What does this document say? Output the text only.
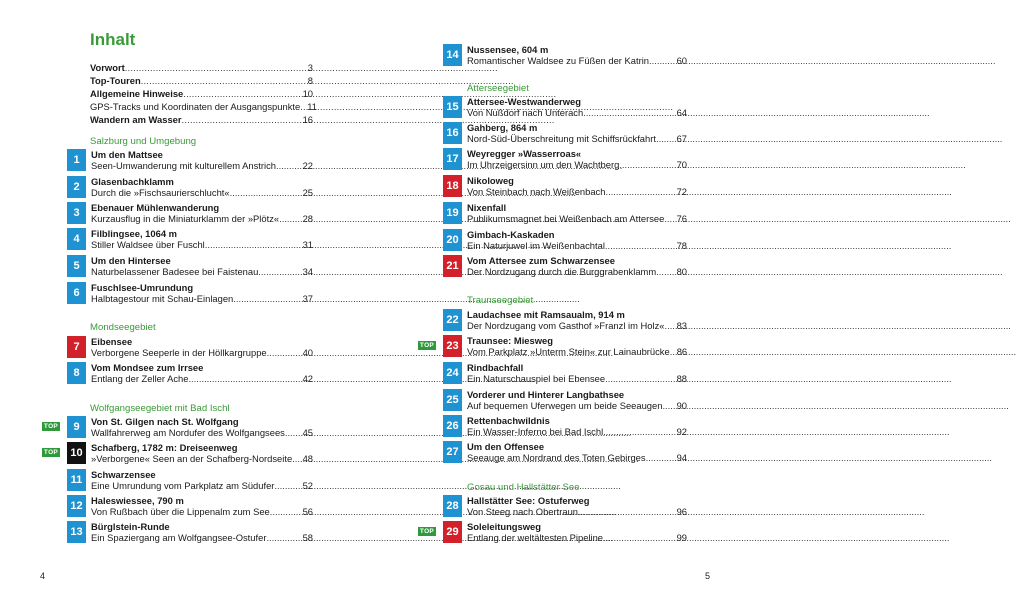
Inhalt
Vorwort .....	3
Top-Touren .....	8
Allgemeine Hinweise .....	10
GPS-Tracks und Koordinaten der Ausgangspunkte ..... 11
Wandern am Wasser .....	16
Salzburg und Umgebung
1	Um den Mattsee
Seen-Umwanderung mit kulturellem Anstrich .....	22
2	Glasenbachklamm
Durch die »Fischsaurierschlucht« .....	25
3	Ebenauer Mühlenwanderung
Kurzausflug in die Miniaturklamm der »Plötz« ..... 28
4	Filblingsee, 1064 m
Stiller Waldsee über Fuschl .....	31
5	Um den Hintersee
Naturbelassener Badesee bei Faistenau .....	34
6	Fuschlsee-Umrundung
Halbtagestour mit Schau-Einlagen .....	37
Mondseegebiet
7	Eibensee
Verborgene Seeperle in der Höllkargruppe .....	40
8	Vom Mondsee zum Irrsee
Entlang der Zeller Ache .....	42
Wolfgangseegebiet mit Bad Ischl
TOP	9	Von St. Gilgen nach St. Wolfgang
Wallfahrerweg am Nordufer des Wolfgangsees ..... 45
TOP	10 Schafberg, 1782 m: Dreiseenweg
»Verborgene« Seen an der Schafberg-Nordseite ..... 48
11 Schwarzensee
Eine Umrundung vom Parkplatz am Südufer .....	52
12 Haleswiessee, 790 m
Von Rußbach über die Lippenalm zum See .....	56
13 Bürglstein-Runde
Ein Spaziergang am Wolfgangsee-Ostufer .....	58
4
14 Nussensee, 604 m
Romantischer Waldsee zu Füßen der Katrin .....	60
Atterseegebiet
15 Attersee-Westwanderweg
Von Nußdorf nach Unterach .....	64
16 Gahberg, 864 m
Nord-Süd-Überschreitung mit Schiffsrückfahrt ..... 67
17 Weyregger »Wasserroas«
Im Uhrzeigersinn um den Wachtberg .....	70
18 Nikoloweg
Von Steinbach nach Weißenbach .....	72
19 Nixenfall
Publikumsmagnet bei Weißenbach am Attersee ..... 76
20 Gimbach-Kaskaden
Ein Naturjuwel im Weißenbachtal .....	78
21 Vom Attersee zum Schwarzensee
Der Nordzugang durch die Burggrabenklamm ..... 80
Traunseegebiet
22 Laudachsee mit Ramsaualm, 914 m
Der Nordzugang vom Gasthof »Franzl im Holz« ..... 83
TOP	23 Traunsee: Miesweg
Vom Parkplatz »Unterm Stein« zur Lainaubrücke ..... 86
24 Rindbachfall
Ein Naturschauspiel bei Ebensee .....	88
25 Vorderer und Hinterer Langbathsee
Auf bequemen Uferwegen um beide Seeaugen ..... 90
26 Rettenbachwildnis
Ein Wasser-Inferno bei Bad Ischl .....	92
27 Um den Offensee
Seeauge am Nordrand des Toten Gebirges .....	94
Gosau und Hallstätter See
28 Hallstätter See: Ostuferweg
Von Steeg nach Obertraun .....	96
TOP	29 Soleleitungsweg
Entlang der weltältesten Pipeline .....	99
5
